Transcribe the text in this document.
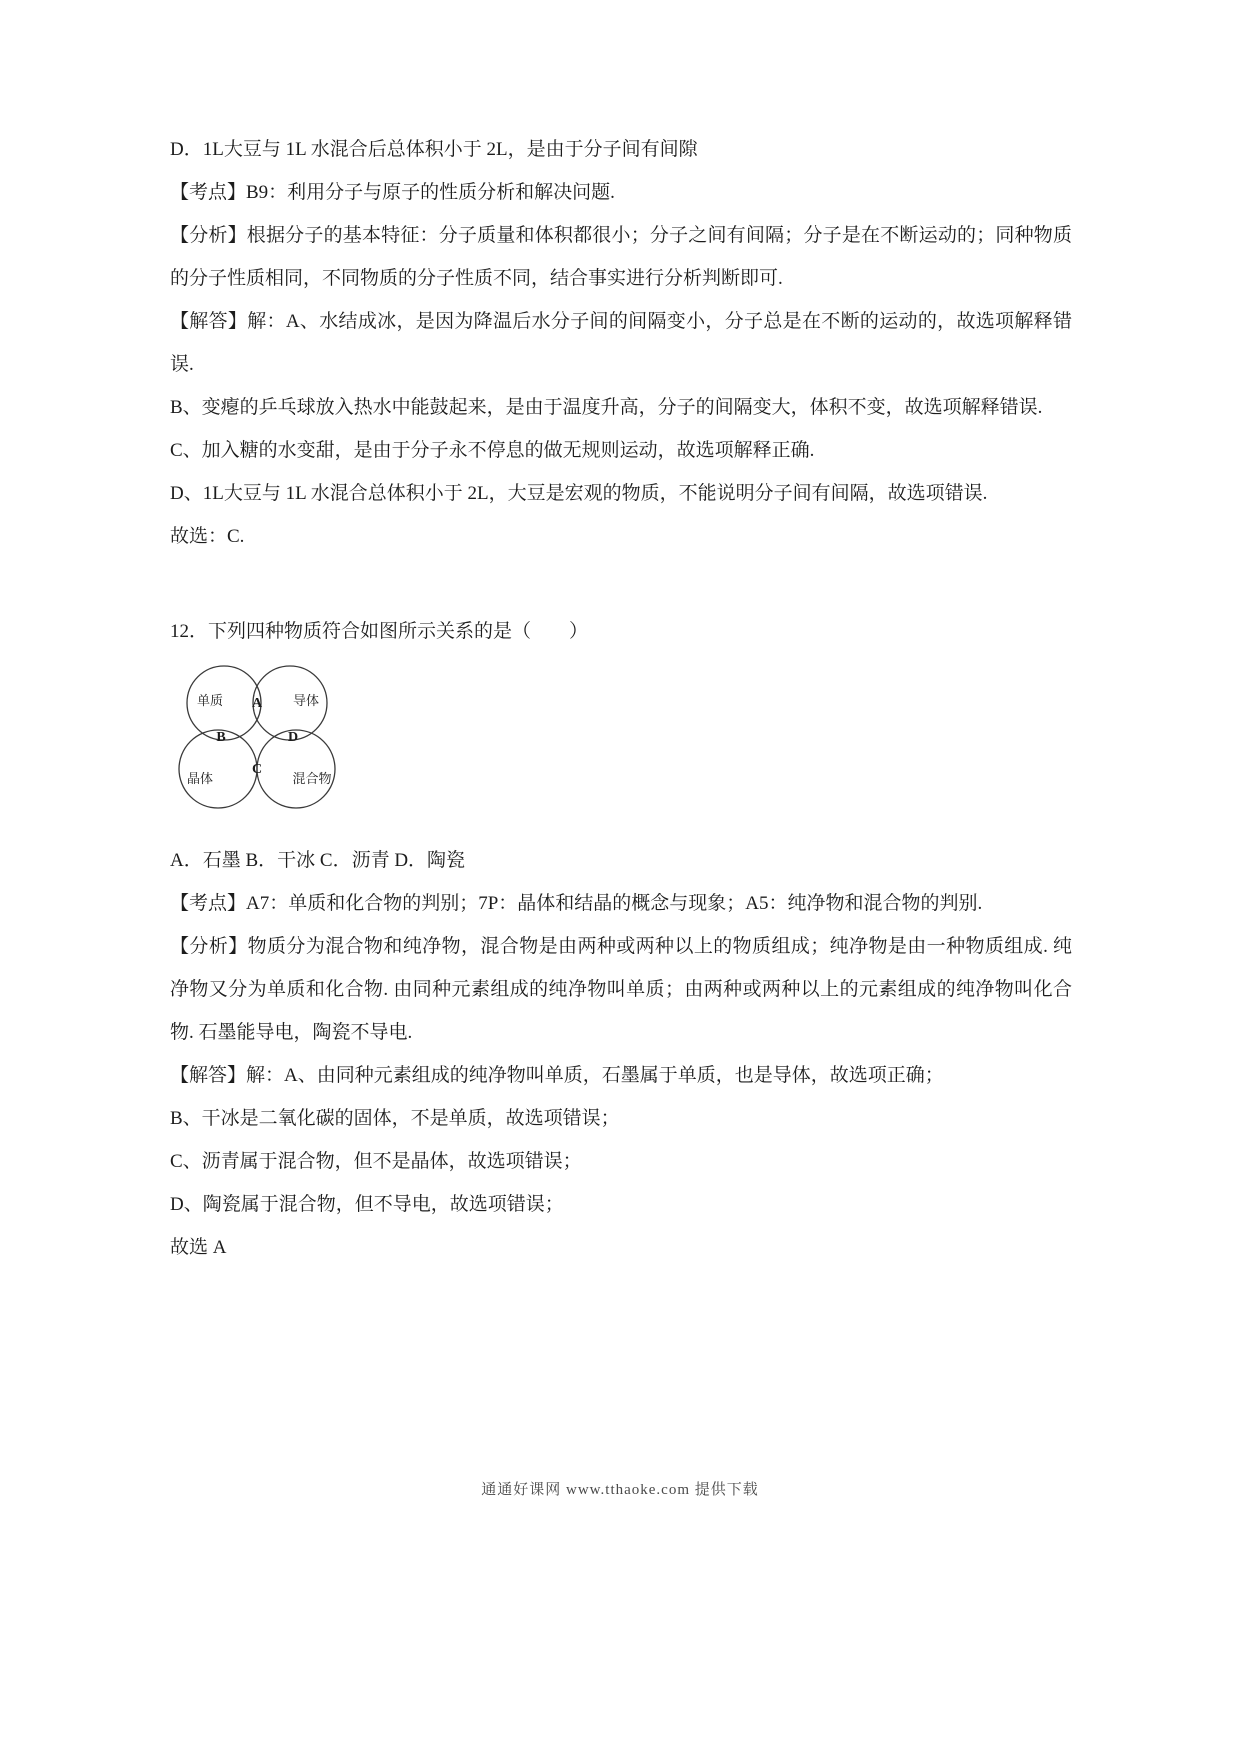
D．1L大豆与 1L 水混合后总体积小于 2L，是由于分子间有间隙

【考点】B9：利用分子与原子的性质分析和解决问题.

【分析】根据分子的基本特征：分子质量和体积都很小；分子之间有间隔；分子是在不断运动的；同种物质的分子性质相同，不同物质的分子性质不同，结合事实进行分析判断即可.

【解答】解：A、水结成冰，是因为降温后水分子间的间隔变小，分子总是在不断的运动的，故选项解释错误.

B、变瘪的乒乓球放入热水中能鼓起来，是由于温度升高，分子的间隔变大，体积不变，故选项解释错误.

C、加入糖的水变甜，是由于分子永不停息的做无规则运动，故选项解释正确.

D、1L大豆与 1L 水混合总体积小于 2L，大豆是宏观的物质，不能说明分子间有间隔，故选项错误.

故选：C.

12．下列四种物质符合如图所示关系的是（　　）

单质	导体
晶体	混合物
A
B
C
D

A．石墨 B．干冰 C．沥青 D．陶瓷

【考点】A7：单质和化合物的判别；7P：晶体和结晶的概念与现象；A5：纯净物和混合物的判别.

【分析】物质分为混合物和纯净物，混合物是由两种或两种以上的物质组成；纯净物是由一种物质组成. 纯净物又分为单质和化合物. 由同种元素组成的纯净物叫单质；由两种或两种以上的元素组成的纯净物叫化合物. 石墨能导电，陶瓷不导电.

【解答】解：A、由同种元素组成的纯净物叫单质，石墨属于单质，也是导体，故选项正确；

B、干冰是二氧化碳的固体，不是单质，故选项错误；

C、沥青属于混合物，但不是晶体，故选项错误；

D、陶瓷属于混合物，但不导电，故选项错误；

故选 A

通通好课网 www.tthaoke.com 提供下载
